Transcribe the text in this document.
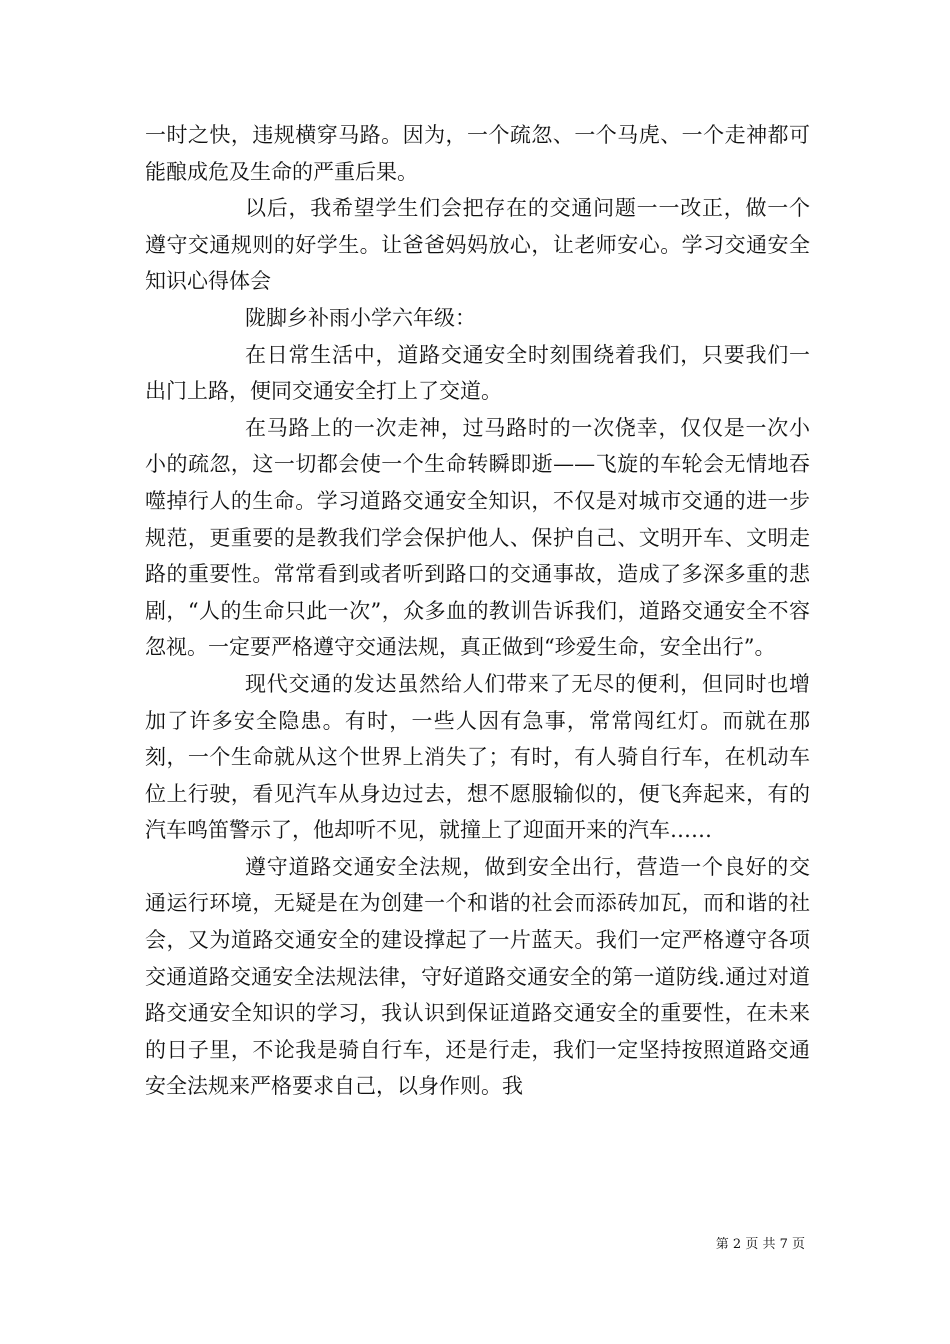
一时之快，违规横穿马路。因为，一个疏忽、一个马虎、一个走神都可能酿成危及生命的严重后果。

以后，我希望学生们会把存在的交通问题一一改正，做一个遵守交通规则的好学生。让爸爸妈妈放心，让老师安心。学习交通安全知识心得体会

陇脚乡补雨小学六年级：

在日常生活中，道路交通安全时刻围绕着我们，只要我们一出门上路，便同交通安全打上了交道。

在马路上的一次走神，过马路时的一次侥幸，仅仅是一次小小的疏忽，这一切都会使一个生命转瞬即逝——飞旋的车轮会无情地吞噬掉行人的生命。学习道路交通安全知识，不仅是对城市交通的进一步规范，更重要的是教我们学会保护他人、保护自己、文明开车、文明走路的重要性。常常看到或者听到路口的交通事故，造成了多深多重的悲剧，“人的生命只此一次”，众多血的教训告诉我们，道路交通安全不容忽视。一定要严格遵守交通法规，真正做到“珍爱生命，安全出行”。

现代交通的发达虽然给人们带来了无尽的便利，但同时也增加了许多安全隐患。有时，一些人因有急事，常常闯红灯。而就在那刻，一个生命就从这个世界上消失了；有时，有人骑自行车，在机动车位上行驶，看见汽车从身边过去，想不愿服输似的，便飞奔起来，有的汽车鸣笛警示了，他却听不见，就撞上了迎面开来的汽车……

遵守道路交通安全法规，做到安全出行，营造一个良好的交通运行环境，无疑是在为创建一个和谐的社会而添砖加瓦，而和谐的社会，又为道路交通安全的建设撑起了一片蓝天。我们一定严格遵守各项交通道路交通安全法规法律，守好道路交通安全的第一道防线.通过对道路交通安全知识的学习，我认识到保证道路交通安全的重要性，在未来的日子里，不论我是骑自行车，还是行走，我们一定坚持按照道路交通安全法规来严格要求自己，以身作则。我

第 2 页 共 7 页
